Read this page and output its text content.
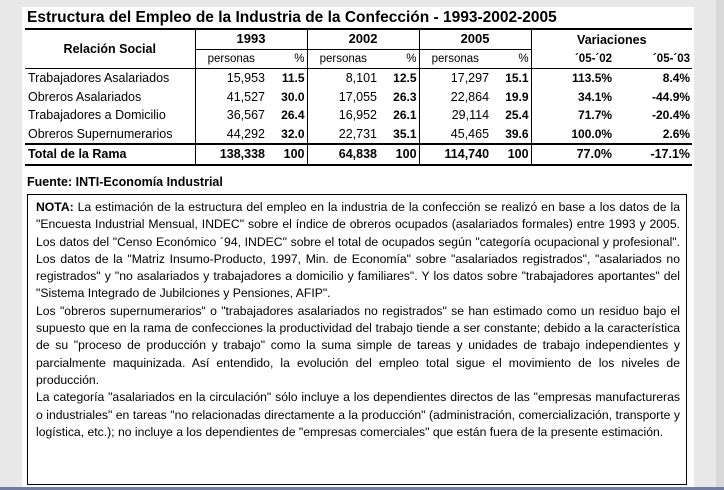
Estructura del Empleo de la Industria de la Confección - 1993-2002-2005
Relación Social	1993		2002		2005		Variaciones	
	personas	%	personas	%	personas	%	´05-´02	´05-´03
Trabajadores Asalariados	15,953	11.5	8,101	12.5	17,297	15.1	113.5%	8.4%
Obreros Asalariados	41,527	30.0	17,055	26.3	22,864	19.9	34.1%	-44.9%
Trabajadores a Domicilio	36,567	26.4	16,952	26.1	29,114	25.4	71.7%	-20.4%
Obreros Supernumerarios	44,292	32.0	22,731	35.1	45,465	39.6	100.0%	2.6%
Total de la Rama	138,338	100	64,838	100	114,740	100	77.0%	-17.1%
Fuente: INTI-Economía Industrial

NOTA: La estimación de la estructura del empleo en la industria de la confección se realizó en base a los datos de la "Encuesta Industrial Mensual, INDEC" sobre el índice de obreros ocupados (asalariados formales) entre 1993 y 2005. Los datos del "Censo Económico ´94, INDEC" sobre el total de ocupados según "categoría ocupacional y profesional". Los datos de la "Matriz Insumo-Producto, 1997, Min. de Economía" sobre "asalariados registrados", "asalariados no registrados" y "no asalariados y trabajadores a domicilio y familiares". Y los datos sobre "trabajadores aportantes" del "Sistema Integrado de Jubilciones y Pensiones, AFIP".

Los "obreros supernumerarios" o "trabajadores asalariados no registrados" se han estimado como un residuo bajo el supuesto que en la rama de confecciones la productividad del trabajo tiende a ser constante; debido a la característica de su "proceso de producción y trabajo" como la suma simple de tareas y unidades de trabajo independientes y parcialmente maquinizada. Así entendido, la evolución del empleo total sigue el movimiento de los niveles de producción.

La categoría "asalariados en la circulación" sólo incluye a los dependientes directos de las "empresas manufactureras o industriales" en tareas "no relacionadas directamente a la producción" (administración, comercialización, transporte y logística, etc.); no incluye a los dependientes de "empresas comerciales" que están fuera de la presente estimación.
